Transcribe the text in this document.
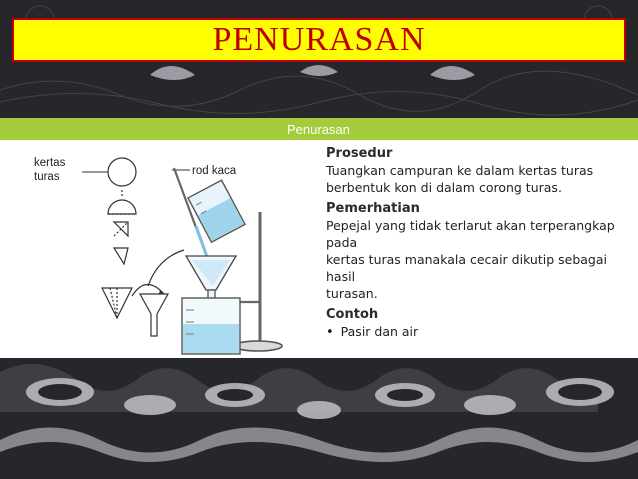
PENURASAN
Penurasan
kertas
turas	rod kaca

Prosedur

Tuangkan campuran ke dalam kertas turas

berbentuk kon di dalam corong turas.

Pemerhatian

Pepejal yang tidak terlarut akan terperangkap pada

kertas turas manakala cecair dikutip sebagai hasil

turasan.

Contoh

• Pasir dan air
